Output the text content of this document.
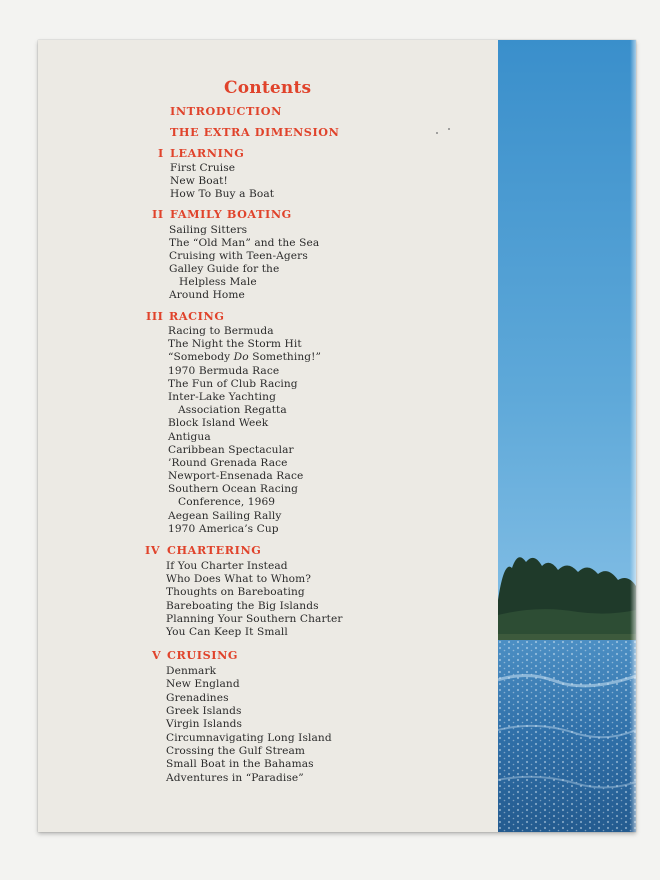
Contents
INTRODUCTION
THE EXTRA DIMENSION
I LEARNING
First Cruise
New Boat!
How To Buy a Boat
II FAMILY BOATING
Sailing Sitters
The “Old Man” and the Sea
Cruising with Teen-Agers
Galley Guide for the
Helpless Male
Around Home
III RACING
Racing to Bermuda
The Night the Storm Hit
“Somebody Do Something!”
1970 Bermuda Race
The Fun of Club Racing
Inter-Lake Yachting
Association Regatta
Block Island Week
Antigua
Caribbean Spectacular
’Round Grenada Race
Newport-Ensenada Race
Southern Ocean Racing
Conference, 1969
Aegean Sailing Rally
1970 America’s Cup
IV CHARTERING
If You Charter Instead
Who Does What to Whom?
Thoughts on Bareboating
Bareboating the Big Islands
Planning Your Southern Charter
You Can Keep It Small
V CRUISING
Denmark
New England
Grenadines
Greek Islands
Virgin Islands
Circumnavigating Long Island
Crossing the Gulf Stream
Small Boat in the Bahamas
Adventures in “Paradise”
